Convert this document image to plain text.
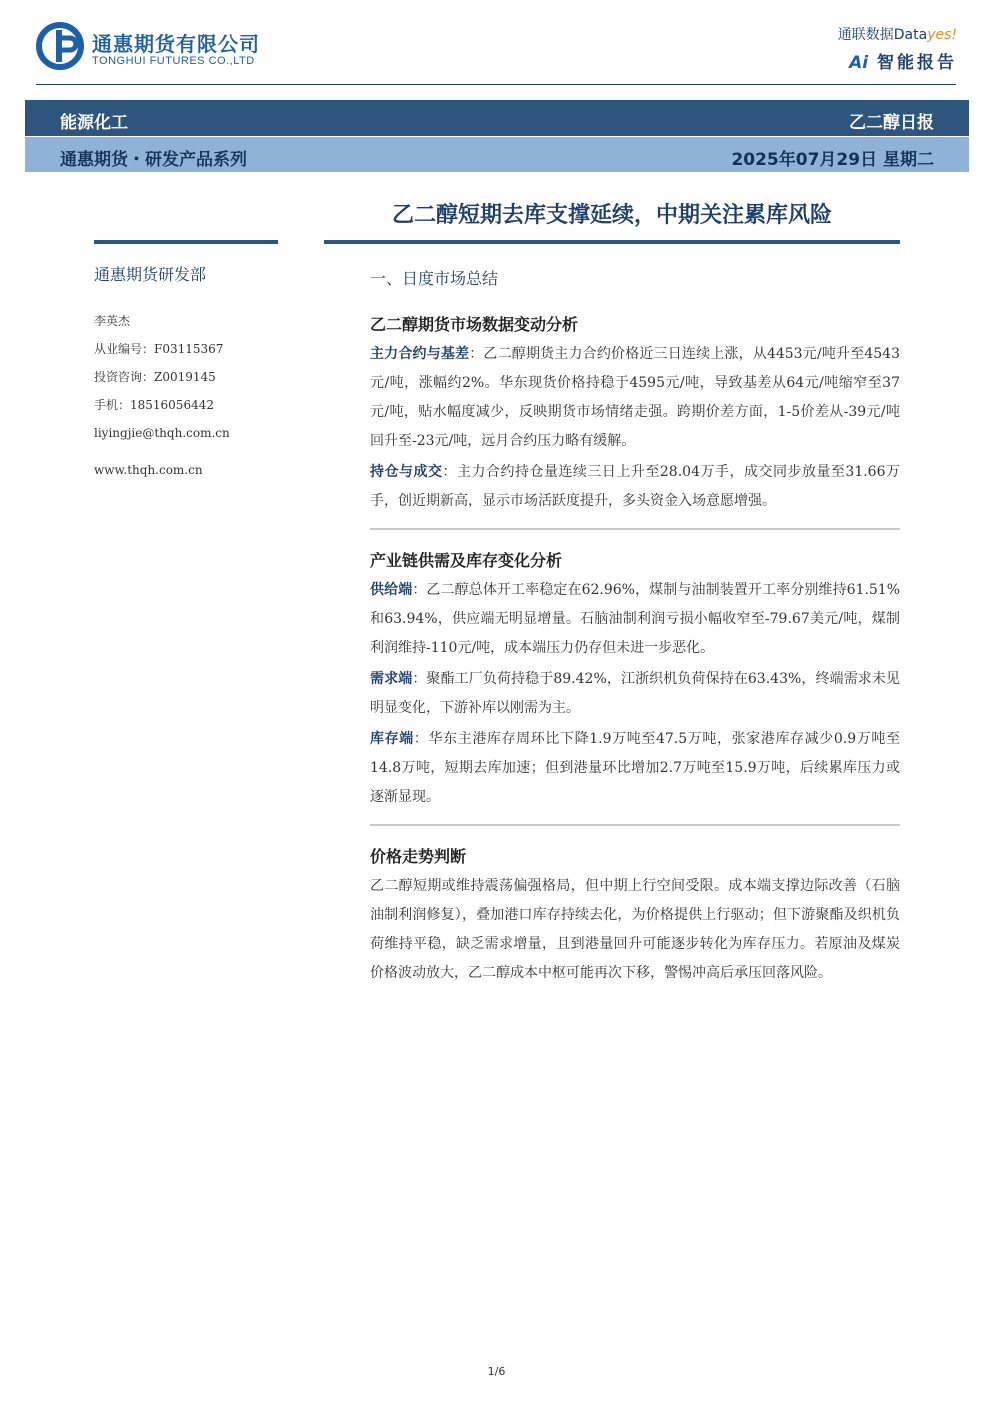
通惠期货有限公司
TONGHUI FUTURES CO.,LTD
通联数据Datayes!
Ai 智能报告
能源化工	乙二醇日报
通惠期货・研发产品系列	2025年07月29日 星期二
乙二醇短期去库支撑延续，中期关注累库风险
通惠期货研发部
李英杰
从业编号：F03115367
投资咨询：Z0019145
手机：18516056442
liyingjie@thqh.com.cn
www.thqh.com.cn
一、日度市场总结
乙二醇期货市场数据变动分析
主力合约与基差：乙二醇期货主力合约价格近三日连续上涨，从4453元/吨升至4543元/吨，涨幅约2%。华东现货价格持稳于4595元/吨，导致基差从64元/吨缩窄至37元/吨，贴水幅度减少，反映期货市场情绪走强。跨期价差方面，1-5价差从-39元/吨回升至-23元/吨，远月合约压力略有缓解。
持仓与成交：主力合约持仓量连续三日上升至28.04万手，成交同步放量至31.66万手，创近期新高，显示市场活跃度提升，多头资金入场意愿增强。
产业链供需及库存变化分析
供给端：乙二醇总体开工率稳定在62.96%，煤制与油制装置开工率分别维持61.51%和63.94%，供应端无明显增量。石脑油制利润亏损小幅收窄至-79.67美元/吨，煤制利润维持-110元/吨，成本端压力仍存但未进一步恶化。
需求端：聚酯工厂负荷持稳于89.42%，江浙织机负荷保持在63.43%，终端需求未见明显变化，下游补库以刚需为主。
库存端：华东主港库存周环比下降1.9万吨至47.5万吨，张家港库存减少0.9万吨至14.8万吨，短期去库加速；但到港量环比增加2.7万吨至15.9万吨，后续累库压力或逐渐显现。
价格走势判断
乙二醇短期或维持震荡偏强格局，但中期上行空间受限。成本端支撑边际改善（石脑油制利润修复），叠加港口库存持续去化，为价格提供上行驱动；但下游聚酯及织机负荷维持平稳，缺乏需求增量，且到港量回升可能逐步转化为库存压力。若原油及煤炭价格波动放大，乙二醇成本中枢可能再次下移，警惕冲高后承压回落风险。
1/6
